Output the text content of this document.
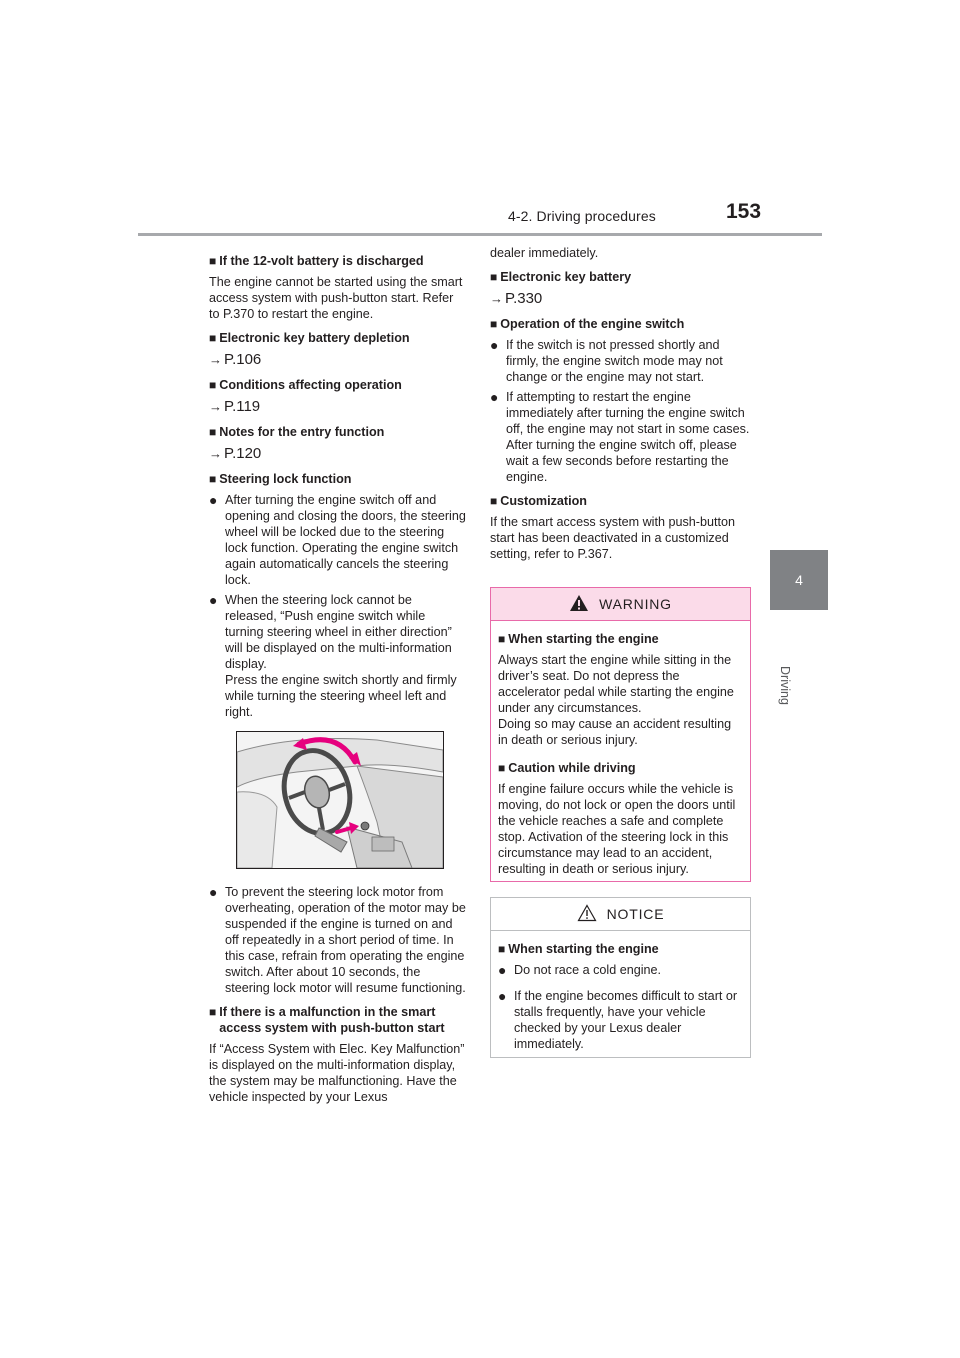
4-2. Driving procedures	153
4
Driving
■ If the 12-volt battery is discharged
The engine cannot be started using the smart access system with push-button start. Refer to P.370 to restart the engine.
■ Electronic key battery depletion
→ P.106
■ Conditions affecting operation
→ P.119
■ Notes for the entry function
→ P.120
■ Steering lock function
● After turning the engine switch off and opening and closing the doors, the steering wheel will be locked due to the steering lock function. Operating the engine switch again automatically cancels the steering lock.
● When the steering lock cannot be released, “Push engine switch while turning steering wheel in either direction” will be displayed on the multi-information display.
Press the engine switch shortly and firmly while turning the steering wheel left and right.
● To prevent the steering lock motor from overheating, operation of the motor may be suspended if the engine is turned on and off repeatedly in a short period of time. In this case, refrain from operating the engine switch. After about 10 seconds, the steering lock motor will resume functioning.
■ If there is a malfunction in the smart access system with push-button start
If “Access System with Elec. Key Malfunction” is displayed on the multi-information display, the system may be malfunctioning. Have the vehicle inspected by your Lexus
dealer immediately.
■ Electronic key battery
→ P.330
■ Operation of the engine switch
● If the switch is not pressed shortly and firmly, the engine switch mode may not change or the engine may not start.
● If attempting to restart the engine immediately after turning the engine switch off, the engine may not start in some cases.
After turning the engine switch off, please wait a few seconds before restarting the engine.
■ Customization
If the smart access system with push-button start has been deactivated in a customized setting, refer to P.367.
WARNING
■ When starting the engine
Always start the engine while sitting in the driver’s seat. Do not depress the accelerator pedal while starting the engine under any circumstances.
Doing so may cause an accident resulting in death or serious injury.
■ Caution while driving
If engine failure occurs while the vehicle is moving, do not lock or open the doors until the vehicle reaches a safe and complete stop. Activation of the steering lock in this circumstance may lead to an accident, resulting in death or serious injury.
NOTICE
■ When starting the engine
● Do not race a cold engine.
● If the engine becomes difficult to start or stalls frequently, have your vehicle checked by your Lexus dealer immediately.
